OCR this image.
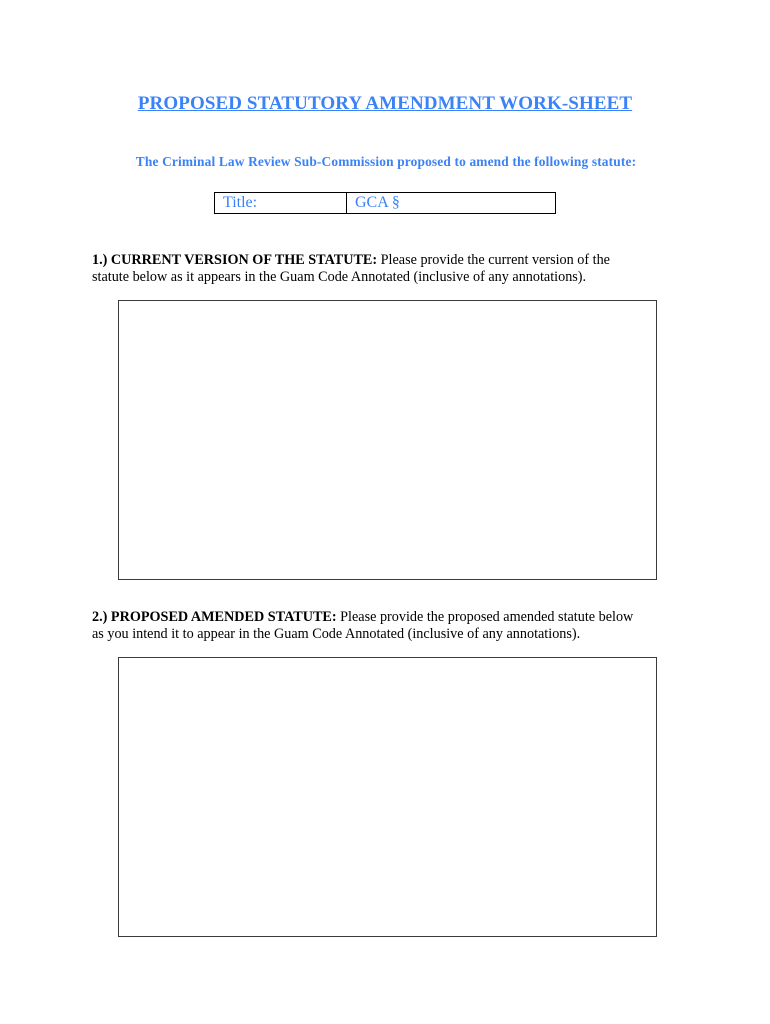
PROPOSED STATUTORY AMENDMENT WORK-SHEET
The Criminal Law Review Sub-Commission proposed to amend the following statute:
Title:	GCA §
1.) CURRENT VERSION OF THE STATUTE: Please provide the current version of the
statute below as it appears in the Guam Code Annotated (inclusive of any annotations).
2.) PROPOSED AMENDED STATUTE: Please provide the proposed amended statute below
as you intend it to appear in the Guam Code Annotated (inclusive of any annotations).
